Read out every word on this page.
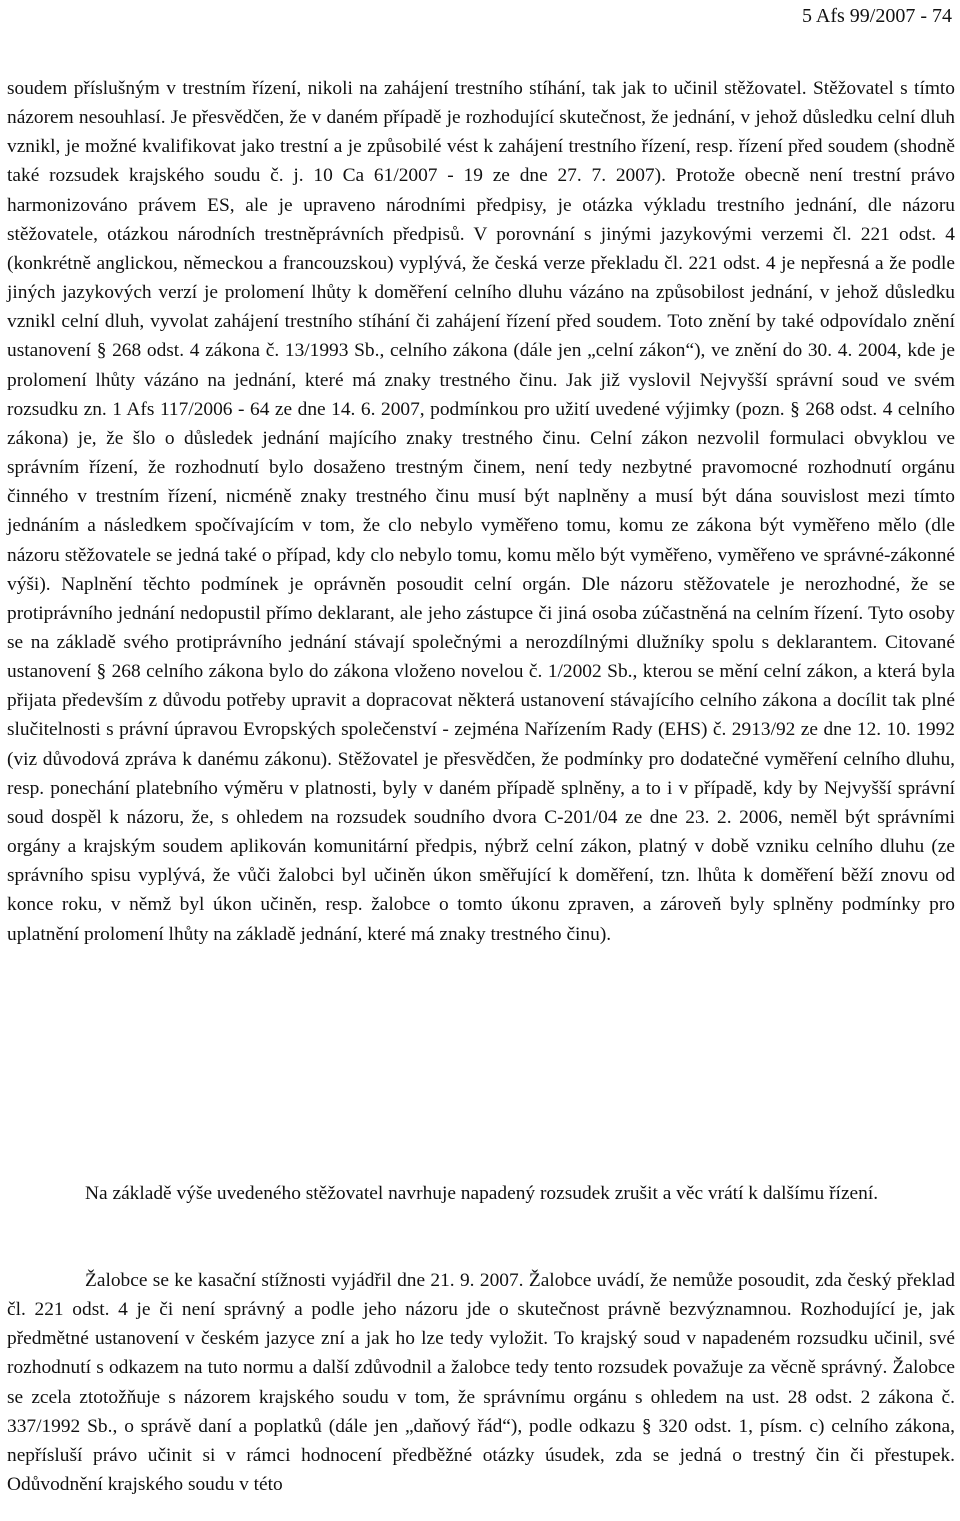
5 Afs 99/2007 - 74

soudem příslušným v trestním řízení, nikoli na zahájení trestního stíhání, tak jak to učinil stěžovatel. Stěžovatel s tímto názorem nesouhlasí. Je přesvědčen, že v daném případě je rozhodující skutečnost, že jednání, v jehož důsledku celní dluh vznikl, je možné kvalifikovat jako trestní a je způsobilé vést k zahájení trestního řízení, resp. řízení před soudem (shodně také rozsudek krajského soudu č. j. 10 Ca 61/2007 - 19 ze dne 27. 7. 2007). Protože obecně není trestní právo harmonizováno právem ES, ale je upraveno národními předpisy, je otázka výkladu trestního jednání, dle názoru stěžovatele, otázkou národních trestněprávních předpisů. V porovnání s jinými jazykovými verzemi čl. 221 odst. 4 (konkrétně anglickou, německou a francouzskou) vyplývá, že česká verze překladu čl. 221 odst. 4 je nepřesná a že podle jiných jazykových verzí je prolomení lhůty k doměření celního dluhu vázáno na způsobilost jednání, v jehož důsledku vznikl celní dluh, vyvolat zahájení trestního stíhání či zahájení řízení před soudem. Toto znění by také odpovídalo znění ustanovení § 268 odst. 4 zákona č. 13/1993 Sb., celního zákona (dále jen „celní zákon“), ve znění do 30. 4. 2004, kde je prolomení lhůty vázáno na jednání, které má znaky trestného činu. Jak již vyslovil Nejvyšší správní soud ve svém rozsudku zn. 1 Afs 117/2006 - 64 ze dne 14. 6. 2007, podmínkou pro užití uvedené výjimky (pozn. § 268 odst. 4 celního zákona) je, že šlo o důsledek jednání majícího znaky trestného činu. Celní zákon nezvolil formulaci obvyklou ve správním řízení, že rozhodnutí bylo dosaženo trestným činem, není tedy nezbytné pravomocné rozhodnutí orgánu činného v trestním řízení, nicméně znaky trestného činu musí být naplněny a musí být dána souvislost mezi tímto jednáním a následkem spočívajícím v tom, že clo nebylo vyměřeno tomu, komu ze zákona být vyměřeno mělo (dle názoru stěžovatele se jedná také o případ, kdy clo nebylo tomu, komu mělo být vyměřeno, vyměřeno ve správné-zákonné výši). Naplnění těchto podmínek je oprávněn posoudit celní orgán. Dle názoru stěžovatele je nerozhodné, že se protiprávního jednání nedopustil přímo deklarant, ale jeho zástupce či jiná osoba zúčastněná na celním řízení. Tyto osoby se na základě svého protiprávního jednání stávají společnými a nerozdílnými dlužníky spolu s deklarantem. Citované ustanovení § 268 celního zákona bylo do zákona vloženo novelou č. 1/2002 Sb., kterou se mění celní zákon, a která byla přijata především z důvodu potřeby upravit a dopracovat některá ustanovení stávajícího celního zákona a docílit tak plné slučitelnosti s právní úpravou Evropských společenství - zejména Nařízením Rady (EHS) č. 2913/92 ze dne 12. 10. 1992 (viz důvodová zpráva k danému zákonu). Stěžovatel je přesvědčen, že podmínky pro dodatečné vyměření celního dluhu, resp. ponechání platebního výměru v platnosti, byly v daném případě splněny, a to i v případě, kdy by Nejvyšší správní soud dospěl k názoru, že, s ohledem na rozsudek soudního dvora C-201/04 ze dne 23. 2. 2006, neměl být správními orgány a krajským soudem aplikován komunitární předpis, nýbrž celní zákon, platný v době vzniku celního dluhu (ze správního spisu vyplývá, že vůči žalobci byl učiněn úkon směřující k doměření, tzn. lhůta k doměření běží znovu od konce roku, v němž byl úkon učiněn, resp. žalobce o tomto úkonu zpraven, a zároveň byly splněny podmínky pro uplatnění prolomení lhůty na základě jednání, které má znaky trestného činu).

Na základě výše uvedeného stěžovatel navrhuje napadený rozsudek zrušit a věc vrátí k dalšímu řízení.

Žalobce se ke kasační stížnosti vyjádřil dne 21. 9. 2007. Žalobce uvádí, že nemůže posoudit, zda český překlad čl. 221 odst. 4 je či není správný a podle jeho názoru jde o skutečnost právně bezvýznamnou. Rozhodující je, jak předmětné ustanovení v českém jazyce zní a jak ho lze tedy vyložit. To krajský soud v napadeném rozsudku učinil, své rozhodnutí s odkazem na tuto normu a další zdůvodnil a žalobce tedy tento rozsudek považuje za věcně správný. Žalobce se zcela ztotožňuje s názorem krajského soudu v tom, že správnímu orgánu s ohledem na ust. 28 odst. 2 zákona č. 337/1992 Sb., o správě daní a poplatků (dále jen „daňový řád“), podle odkazu § 320 odst. 1, písm. c) celního zákona, nepřísluší právo učinit si v rámci hodnocení předběžné otázky úsudek, zda se jedná o trestný čin či přestupek. Odůvodnění krajského soudu v této
